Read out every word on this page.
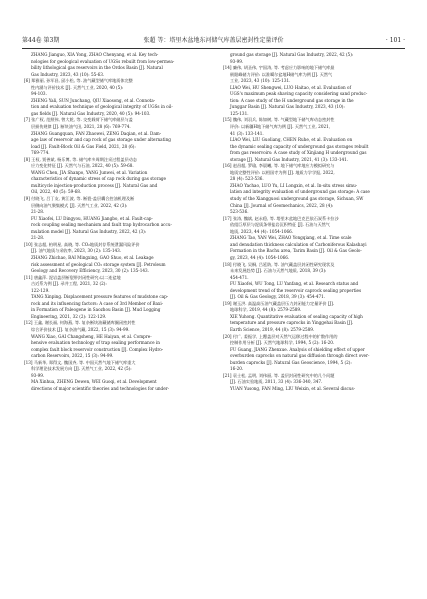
第44卷 第3期	张超 等：塔里木盆地东河储气库盖层密封性定量评价	· 101 ·
ZHANG Jianguo, XIA Yong, ZHAO Chenyang, et al. Key tech-
nologies for geological evaluation of UGSs rebuilt from low-permea-
bility lithological gas reservoirs in the Ordos Basin [J]. Natural
Gas Industry, 2023, 43 (10): 55-63.
[6] 郑雅丽, 孙军昌, 邱小松, 等. 油气藏型储气库地质体完整
性内涵与评价技术 [J]. 天然气工业, 2020, 40 (5):
94-103.
ZHENG Yali, SUN Junchang, QIU Xiaosong, et al. Connota-
tion and evaluation technique of geological integrity of UGSs in oil-
gas fields [J]. Natural Gas Industry, 2020, 40 (5): 94-103.
[7] 张广权, 范照伟, 曾大乾, 等. 交变载荷下储气库储层与盖
层损伤规律 [J]. 断块油气田, 2021, 28 (6): 769-774.
ZHANG Guangquan, FAN Zhaowei, ZENG Daqian, et al. Dam-
age law of reservoir and cap rock of gas storage under alternating
load [J]. Fault-Block Oil & Gas Field, 2021, 28 (6):
769-774.
[8] 王权, 贾善斌, 杨乐博, 等. 储气库多周期注采过程盖层动态
应力变化特征 [J]. 天然气与石油, 2022, 40 (5): 59-68.
WANG Chen, JIA Shanpo, YANG Junwei, et al. Variation
characteristics of dynamic stress of cap rock during gas storage
multicycle injection-production process [J]. Natural Gas and
Oil, 2022, 40 (5): 59-68.
[9] 付晓飞, 吕丁友, 黄江波, 等. 断裂-盖层耦合控油机理及断
层侧向油气聚集模式 [J]. 天然气工业, 2022, 42 (3):
21-28.
FU Xiaofei, LÜ Dingyou, HUANG Jiangbo, et al. Fault-cap-
rock coupling sealing mechanism and fault trap hydrocarbon accu-
mulation model [J]. Natural Gas Industry, 2022, 42 (3):
21-28.
[10] 张志超, 柏明星, 高晓, 等. CO₂地质封存系统泄漏风险评价
[J]. 油气地质与采收率, 2023, 30 (2): 135-143.
ZHANG Zhichao, BAI Mingxing, GAO Shuo, et al. Leakage
risk assessment of geological CO₂ storage system [J]. Petroleum
Geology and Recovery Efficiency, 2023, 30 (2): 135-143.
[11] 唐鑫萍. 泥岩盖层断裂带封闭性研究:以二连盆地
古近系为例 [J]. 录井工程, 2021, 32 (2):
122-129.
TANG Xinping. Displacement pressure features of mudstone cap-
rock and its influencing factors: A case of 3rd Member of Baxi-
in Formation of Paleogene in Saozhou Basin [J]. Mud Logging
Engineering, 2021, 32 (2): 122-129.
[12] 王鑫, 谢长福, 何海燕, 等. 复杂断块油藏储库圈闭密封性
综合评价技术 [J]. 复杂油气藏, 2022, 15 (3): 94-99.
WANG Xiao, GAI Changsheng, HE Haiyan, et al. Compre-
hensive evaluation technology of trap sealing performance in
complex fault block reservoir construction [J]. Complex Hydro-
carbon Reservoirs, 2022, 15 (3): 94-99.
[13] 马新华, 郑得文, 魏国齐, 等. 中国天然气地下储气库重大
科学理论技术发展方向 [J]. 天然气工业, 2022, 42 (5):
93-99.
MA Xinhua, ZHENG Dewen, WEI Guoqi, et al. Development
directions of major scientific theories and technologies for under-
ground gas storage [J]. Natural Gas Industry, 2022, 42 (5):
93-99.
[14] 廉伟, 胡圣伟, 宇国涛, 等. 考虑应力影响的地下储气库最
极限峰储力评价: 以准噶尔盆地H储气库为例 [J]. 天然气
工业, 2023, 43 (10): 125-131.
LIAO Wei, HU Shengwei, LUO Haitao, et al. Evaluation of
UGS's maximum peak shaving capacity considering sand produc-
tion: A case study of the H underground gas storage in the
Junggar Basin [J]. Natural Gas Industry, 2023, 43 (10):
125-131.
[15] 魏伟, 刘羽兵, 陈如树, 等. 气藏型地下储气库动态密封性
评价: 以新疆H地下储气库为例 [J]. 天然气工业, 2021,
41 (3): 133-141.
LIAO Wei, LIU Guoliang, CHEN Ruhe, et al. Evaluation on
the dynamic sealing capacity of underground gas storages rebuilt
from gas reservoirs: A case study of Xinjiang H underground gas
storage [J]. Natural Gas Industry, 2021, 41 (3): 133-141.
[16] 赵昌超, 罗瑜, 李晨曦, 等. 地下储气库地应力模拟研究与
地质完整性评价: 以相国寺为例 [J]. 地质力学学报, 2022,
28 (4): 523-536.
ZHAO Yachao, LUO Yu, LI Longxin, et al. In-situ stress simu-
lation and integrity evaluation of underground gas storage: A case
study of the Xiangguosi underground gas storage, Sichuan, SW
China [J]. Journal of Geomechanics, 2022, 28 (4):
523-536.
[17] 张涛, 魏斌, 赵永稳, 等. 塔里木盆地巴克巴依石炭系卡拉沙
依组巨厚层与泥质条带盐岩沉积特征 [J]. 石油与天然气
地质, 2023, 44 (4): 1054-1066.
ZHANG Tao, YAN Wei, ZHAO Yongqiang, et al. Time scale
and denudation thickness calculation of Carboniferous Kalashayi
Formation in the Bachu area, Tarim Basin [J]. Oil & Gas Geolo-
gy, 2023, 44 (4): 1054-1066.
[18] 付晓飞, 吴桐, 吕延防, 等. 油气藏盖层封闭性研究现状及
未来发展趋势 [J]. 石油与天然气地质, 2018, 39 (3):
454-471.
FU Xiaofei, WU Tong, LÜ Yanfang, et al. Research status and
development trend of the reservoir caprock sealing properties
[J]. Oil & Gas Geology, 2018, 39 (3): 454-471.
[19] 谢玉洪. 高温高压油气藏盖层压力封闭能力定量评价 [J].
地球科学, 2019, 44 (8): 2579-2589.
XIE Yuhong. Quantitative evaluation of sealing capacity of high
temperature and pressure caprocks in Yinggehai Basin [J].
Earth Science, 2019, 44 (8): 2579-2589.
[20] 付广, 姜振学, 上覆盖层对天然气运移过程中的扩散作用的
控制作用分析 [J]. 天然气地球科学, 1994, 5 (2): 16-20.
FU Guang, JIANG Zhenxue. Analysis of shielding effect of upper
overburden caprocks on natural gas diffusion through direct over-
burden caprocks [J]. Natural Gas Geoscience, 1994, 5 (2):
16-20.
[21] 袁士松, 孟明, 刘伟丽, 等. 盖层封闭性研究中的几个问题
[J]. 石油实验地质, 2011, 33 (4): 336-340, 347.
YUAN Yusong, FAN Ming, LIU Weixin, et al. Several discus-
